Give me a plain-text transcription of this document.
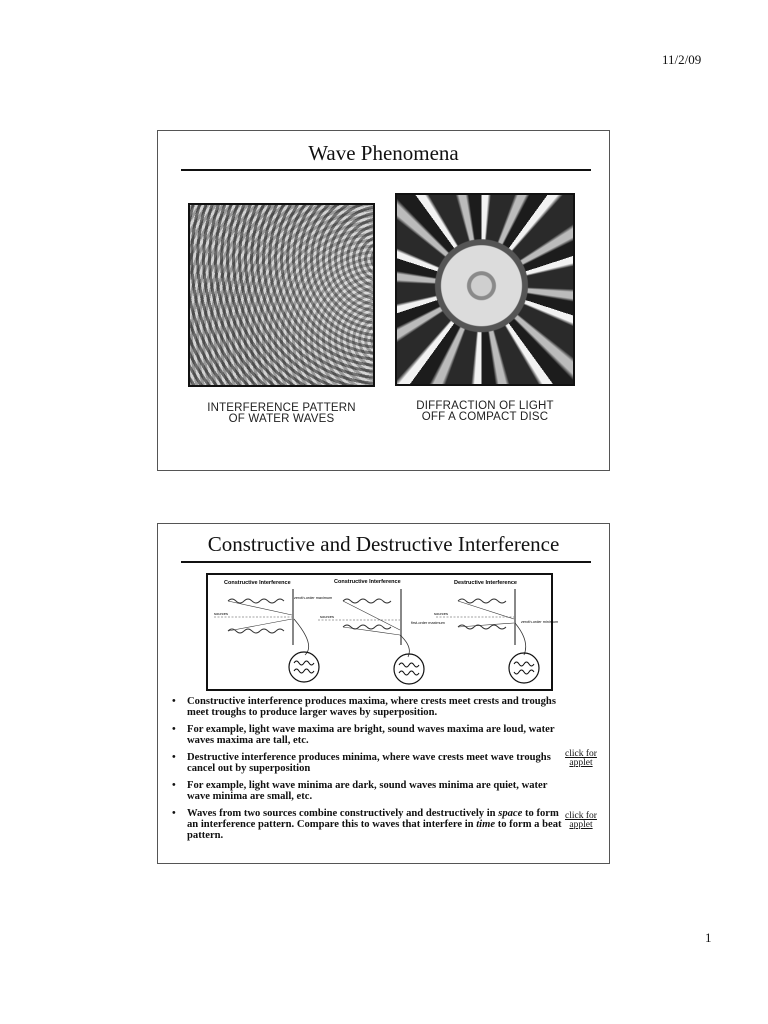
11/2/09
Wave Phenomena
INTERFERENCE PATTERN
OF WATER WAVES
DIFFRACTION OF LIGHT
OFF A COMPACT DISC
Constructive and Destructive Interference
Constructive Interference
sources
zeroth-order maximum
Constructive Interference
sources
first-order maximum
Destructive Interference
sources
zeroth-order minimum
• Constructive interference produces maxima, where crests meet crests and troughs meet troughs to produce larger waves by superposition.
• For example, light wave maxima are bright, sound waves maxima are loud, water waves maxima are tall, etc.
• Destructive interference produces minima, where wave crests meet wave troughs cancel out by superposition
• For example, light wave minima are dark, sound waves minima are quiet, water wave minima are small, etc.
• Waves from two sources combine constructively and destructively in space to form an interference pattern. Compare this to waves that interfere in time to form a beat pattern.
click for
applet
click for
applet
1
